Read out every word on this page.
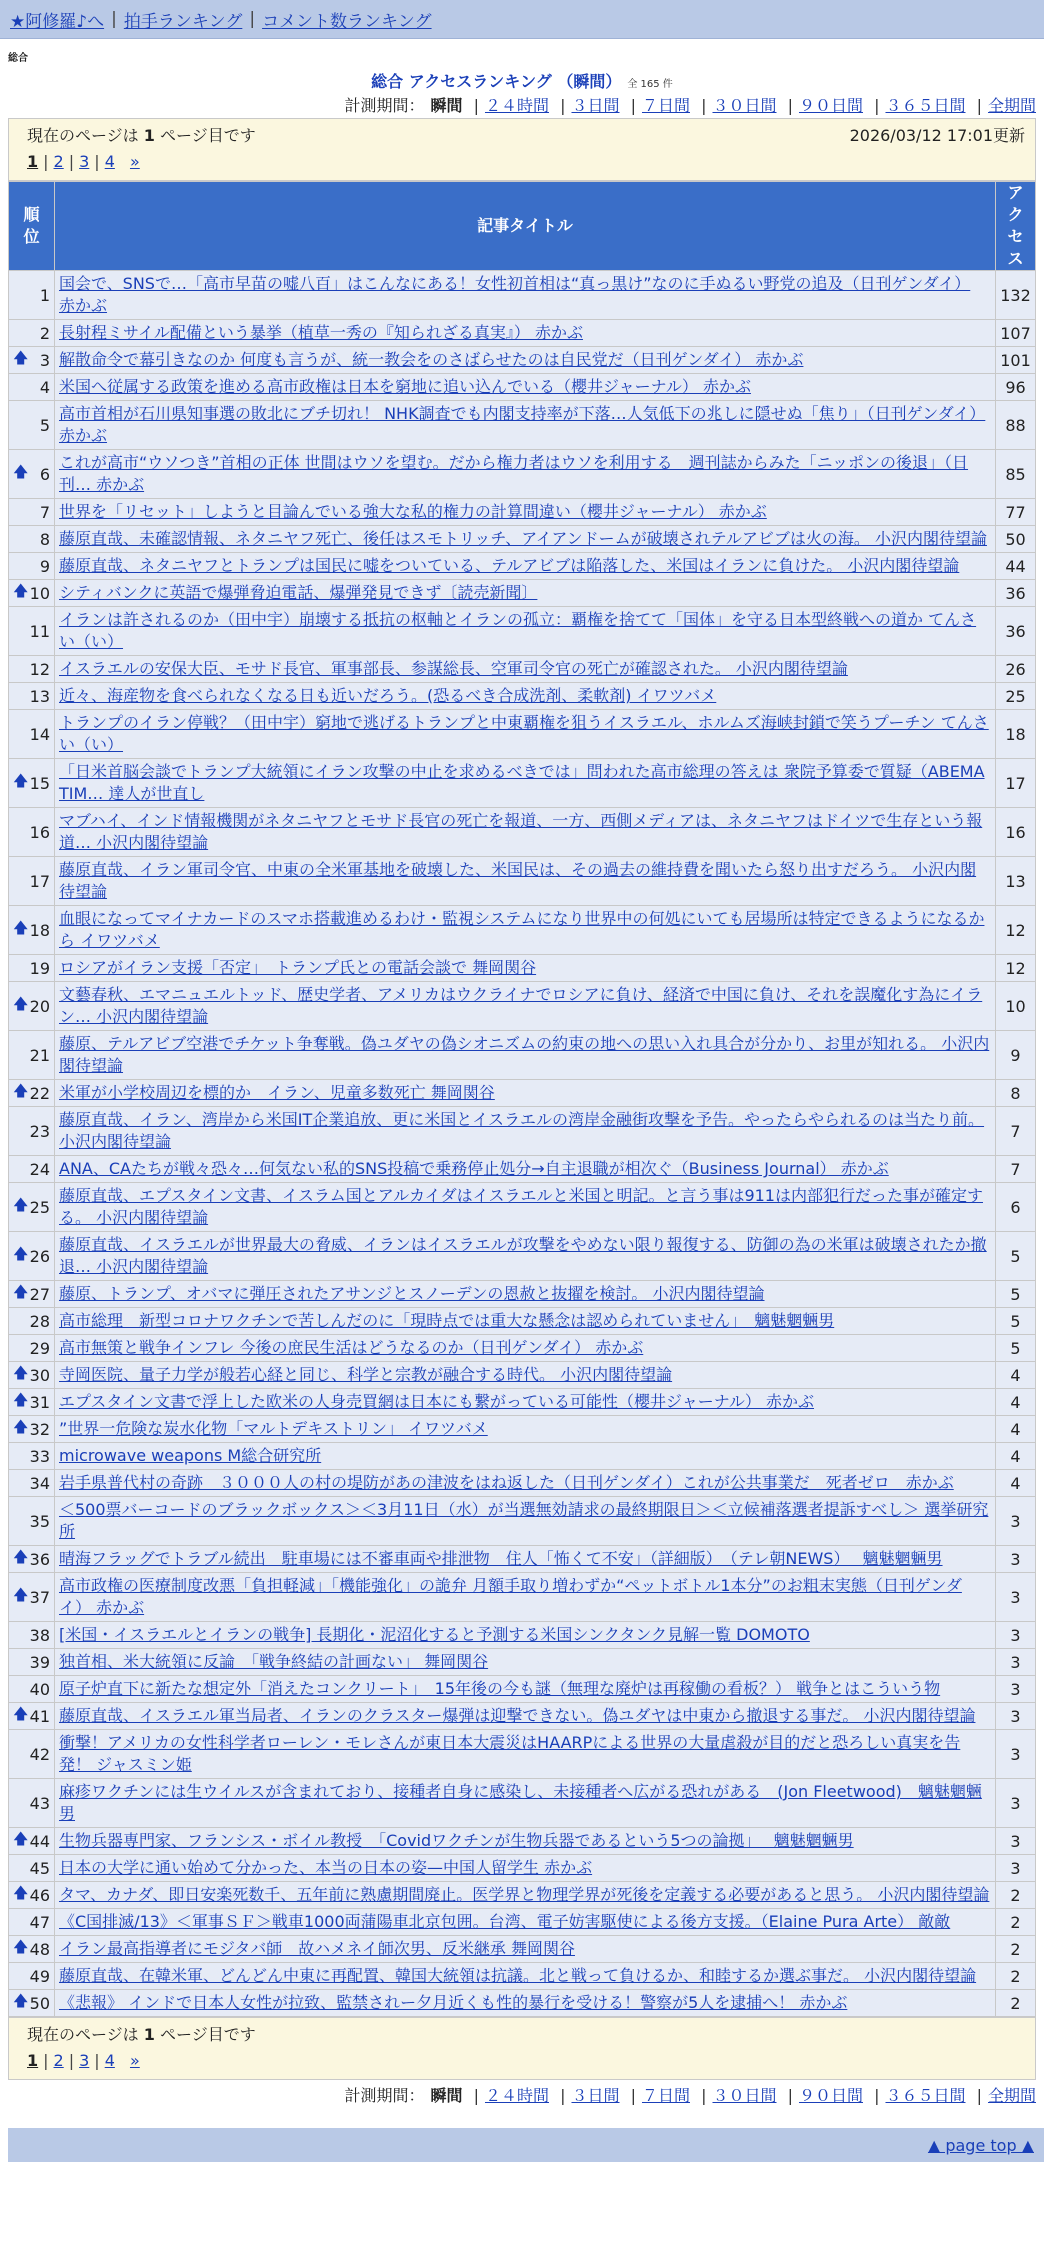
★阿修羅♪へ | 拍手ランキング | コメント数ランキング
総合
総合 アクセスランキング （瞬間） 全 165 件
計測期間： 瞬間 | ２４時間 | ３日間 | ７日間 | ３０日間 | ９０日間 | ３６５日間 | 全期間
現在のページは 1 ページ目です	2026/03/12 17:01更新
1 | 2 | 3 | 4 »
順位	記事タイトル	アクセス
1	国会で、SNSで…「高市早苗の嘘八百」はこんなにある！女性初首相は“真っ黒け”なのに手ぬるい野党の追及（日刊ゲンダイ） 赤かぶ	132
2	長射程ミサイル配備という暴挙（植草一秀の『知られざる真実』） 赤かぶ	107

🡅 3	解散命令で幕引きなのか 何度も言うが、統一教会をのさばらせたのは自民党だ（日刊ゲンダイ） 赤かぶ	101
4	米国へ従属する政策を進める高市政権は日本を窮地に追い込んでいる（櫻井ジャーナル） 赤かぶ	96
5	高市首相が石川県知事選の敗北にブチ切れ！ NHK調査でも内閣支持率が下落…人気低下の兆しに隠せぬ「焦り」（日刊ゲンダイ） 赤かぶ	88

🡅 6	これが高市“ウソつき”首相の正体 世間はウソを望む。だから権力者はウソを利用する　週刊誌からみた「ニッポンの後退」（日刊… 赤かぶ	85
7	世界を「リセット」しようと目論んでいる強大な私的権力の計算間違い（櫻井ジャーナル） 赤かぶ	77
8	藤原直哉、未確認情報、ネタニヤフ死亡、後任はスモトリッチ、アイアンドームが破壊されテルアビブは火の海。 小沢内閣待望論	50
9	藤原直哉、ネタニヤフとトランプは国民に嘘をついている、テルアビブは陥落した、米国はイランに負けた。 小沢内閣待望論	44

🡅 10	シティバンクに英語で爆弾脅迫電話、爆弾発見できず〔読売新聞〕	36
11	イランは許されるのか（田中宇）崩壊する抵抗の枢軸とイランの孤立：覇権を捨てて「国体」を守る日本型終戦への道か てんさい（い）	36
12	イスラエルの安保大臣、モサド長官、軍事部長、参謀総長、空軍司令官の死亡が確認された。 小沢内閣待望論	26
13	近々、海産物を食べられなくなる日も近いだろう。(恐るべき合成洗剤、柔軟剤) イワツバメ	25
14	トランプのイラン停戦？（田中宇）窮地で逃げるトランプと中東覇権を狙うイスラエル、ホルムズ海峡封鎖で笑うプーチン てんさい（い）	18

🡅 15	「日米首脳会談でトランプ大統領にイラン攻撃の中止を求めるべきでは」問われた高市総理の答えは 衆院予算委で質疑（ABEMA TIM… 達人が世直し	17
16	マブハイ、インド情報機関がネタニヤフとモサド長官の死亡を報道、一方、西側メディアは、ネタニヤフはドイツで生存という報道… 小沢内閣待望論	16
17	藤原直哉、イラン軍司令官、中東の全米軍基地を破壊した、米国民は、その過去の維持費を聞いたら怒り出すだろう。 小沢内閣待望論	13

🡅 18	血眼になってマイナカードのスマホ搭載進めるわけ・監視システムになり世界中の何処にいても居場所は特定できるようになるから イワツバメ	12
19	ロシアがイラン支援「否定」　トランプ氏との電話会談で 舞岡関谷	12

🡅 20	文藝春秋、エマニュエルトッド、歴史学者、アメリカはウクライナでロシアに負け、経済で中国に負け、それを誤魔化す為にイラン… 小沢内閣待望論	10
21	藤原、テルアビブ空港でチケット争奪戦。偽ユダヤの偽シオニズムの約束の地への思い入れ具合が分かり、お里が知れる。 小沢内閣待望論	9

🡅 22	米軍が小学校周辺を標的か　イラン、児童多数死亡 舞岡関谷	8
23	藤原直哉、イラン、湾岸から米国IT企業追放、更に米国とイスラエルの湾岸金融街攻撃を予告。やったらやられるのは当たり前。 小沢内閣待望論	7
24	ANA、CAたちが戦々恐々…何気ない私的SNS投稿で乗務停止処分→自主退職が相次ぐ（Business Journal） 赤かぶ	7

🡅 25	藤原直哉、エプスタイン文書、イスラム国とアルカイダはイスラエルと米国と明記。と言う事は911は内部犯行だった事が確定する。 小沢内閣待望論	6

🡅 26	藤原直哉、イスラエルが世界最大の脅威、イランはイスラエルが攻撃をやめない限り報復する、防御の為の米軍は破壊されたか撤退… 小沢内閣待望論	5

🡅 27	藤原、トランプ、オバマに弾圧されたアサンジとスノーデンの恩赦と抜擢を検討。 小沢内閣待望論	5
28	高市総理　新型コロナワクチンで苦しんだのに「現時点では重大な懸念は認められていません」　魑魅魍魎男	5
29	高市無策と戦争インフレ 今後の庶民生活はどうなるのか（日刊ゲンダイ） 赤かぶ	5

🡅 30	寺岡医院、量子力学が般若心経と同じ、科学と宗教が融合する時代。 小沢内閣待望論	4

🡅 31	エプスタイン文書で浮上した欧米の人身売買網は日本にも繋がっている可能性（櫻井ジャーナル） 赤かぶ	4

🡅 32	”世界一危険な炭水化物「マルトデキストリン」 イワツバメ	4
33	microwave weapons M総合研究所	4
34	岩手県普代村の奇跡　３０００人の村の堤防があの津波をはね返した（日刊ゲンダイ）これが公共事業だ　死者ゼロ　赤かぶ	4
35	＜500票バーコードのブラックボックス＞＜3月11日（水）が当選無効請求の最終期限日＞＜立候補落選者提訴すべし＞ 選挙研究所	3

🡅 36	晴海フラッグでトラブル続出　駐車場には不審車両や排泄物　住人「怖くて不安」（詳細版）　（テレ朝NEWS）　 魑魅魍魎男	3

🡅 37	高市政権の医療制度改悪「負担軽減」「機能強化」の詭弁 月額手取り増わずか“ペットボトル1本分”のお粗末実態（日刊ゲンダイ） 赤かぶ	3
38	[米国・イスラエルとイランの戦争] 長期化・泥沼化すると予測する米国シンクタンク見解一覧 DOMOTO	3
39	独首相、米大統領に反論　「戦争終結の計画ない」 舞岡関谷	3
40	原子炉直下に新たな想定外「消えたコンクリート」　15年後の今も謎（無理な廃炉は再稼働の看板？） 戦争とはこういう物	3

🡅 41	藤原直哉、イスラエル軍当局者、イランのクラスター爆弾は迎撃できない。偽ユダヤは中東から撤退する事だ。 小沢内閣待望論	3
42	衝撃！アメリカの女性科学者ローレン・モレさんが東日本大震災はHAARPによる世界の大量虐殺が目的だと恐ろしい真実を告発！ ジャスミン姫	3
43	麻疹ワクチンには生ウイルスが含まれており、接種者自身に感染し、未接種者へ広がる恐れがある　(Jon Fleetwood)　魑魅魍魎男	3

🡅 44	生物兵器専門家、フランシス・ボイル教授　「Covidワクチンが生物兵器であるという5つの論拠」　 魑魅魍魎男	3
45	日本の大学に通い始めて分かった、本当の日本の姿—中国人留学生 赤かぶ	3

🡅 46	タマ、カナダ、即日安楽死数千、五年前に熟慮期間廃止。医学界と物理学界が死後を定義する必要があると思う。 小沢内閣待望論	2
47	《C国排滅/13》＜軍事ＳＦ＞戦車1000両蒲陽車北京包囲。台湾、電子妨害駆使による後方支援。（Elaine Pura Arte） 敵敵	2

🡅 48	イラン最高指導者にモジタバ師　故ハメネイ師次男、反米継承 舞岡関谷	2
49	藤原直哉、在韓米軍、どんどん中東に再配置、韓国大統領は抗議。北と戦って負けるか、和睦するか選ぶ事だ。 小沢内閣待望論	2

🡅 50	《悲報》 インドで日本人女性が拉致、監禁されー夕月近くも性的暴行を受ける！警察が5人を逮捕へ！ 赤かぶ	2
現在のページは 1 ページ目です
1 | 2 | 3 | 4 »
計測期間： 瞬間 | ２４時間 | ３日間 | ７日間 | ３０日間 | ９０日間 | ３６５日間 | 全期間
▲ page top ▲
